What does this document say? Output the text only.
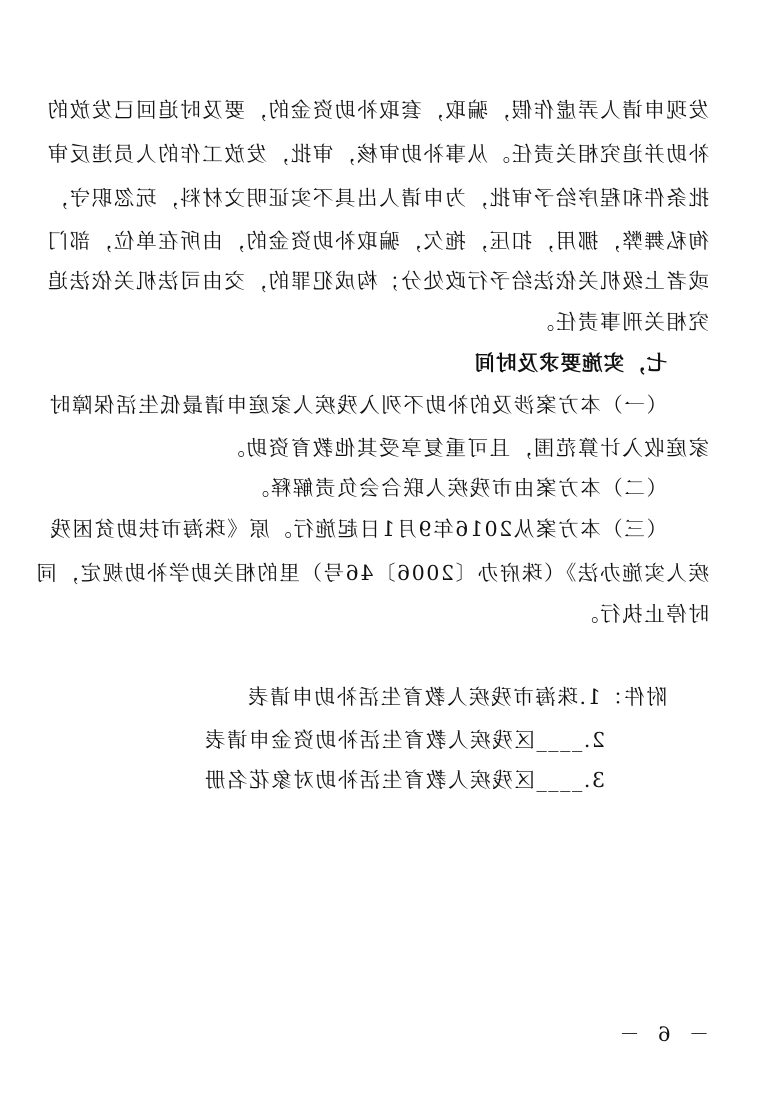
发现申请人弄虚作假，骗取，套取补助资金的，要及时追回已发放的
补助并追究相关责任。从事补助审核，审批，发放工作的人员违反审
批条件和程序给予审批，为申请人出具不实证明文材料，玩忽职守，
徇私舞弊，挪用，扣压，拖欠，骗取补助资金的，由所在单位，部门
或者上级机关依法给予行政处分；构成犯罪的，交由司法机关依法追
究相关刑事责任。
七，实施要求及时间
（一）本方案涉及的补助不列入残疾人家庭申请最低生活保障时
家庭收入计算范围，且可重复享受其他教育资助。
（二）本方案由市残疾人联合会负责解释。
（三）本方案从2016年9月1日起施行。原《珠海市扶助贫困残
疾人实施办法》（珠府办〔2006〕46号）里的相关助学补助规定，同
时停止执行。
附件：1.珠海市残疾人教育生活补助申请表
2.____区残疾人教育生活补助资金申请表
3.____区残疾人教育生活补助对象花名册
－ 6 －
